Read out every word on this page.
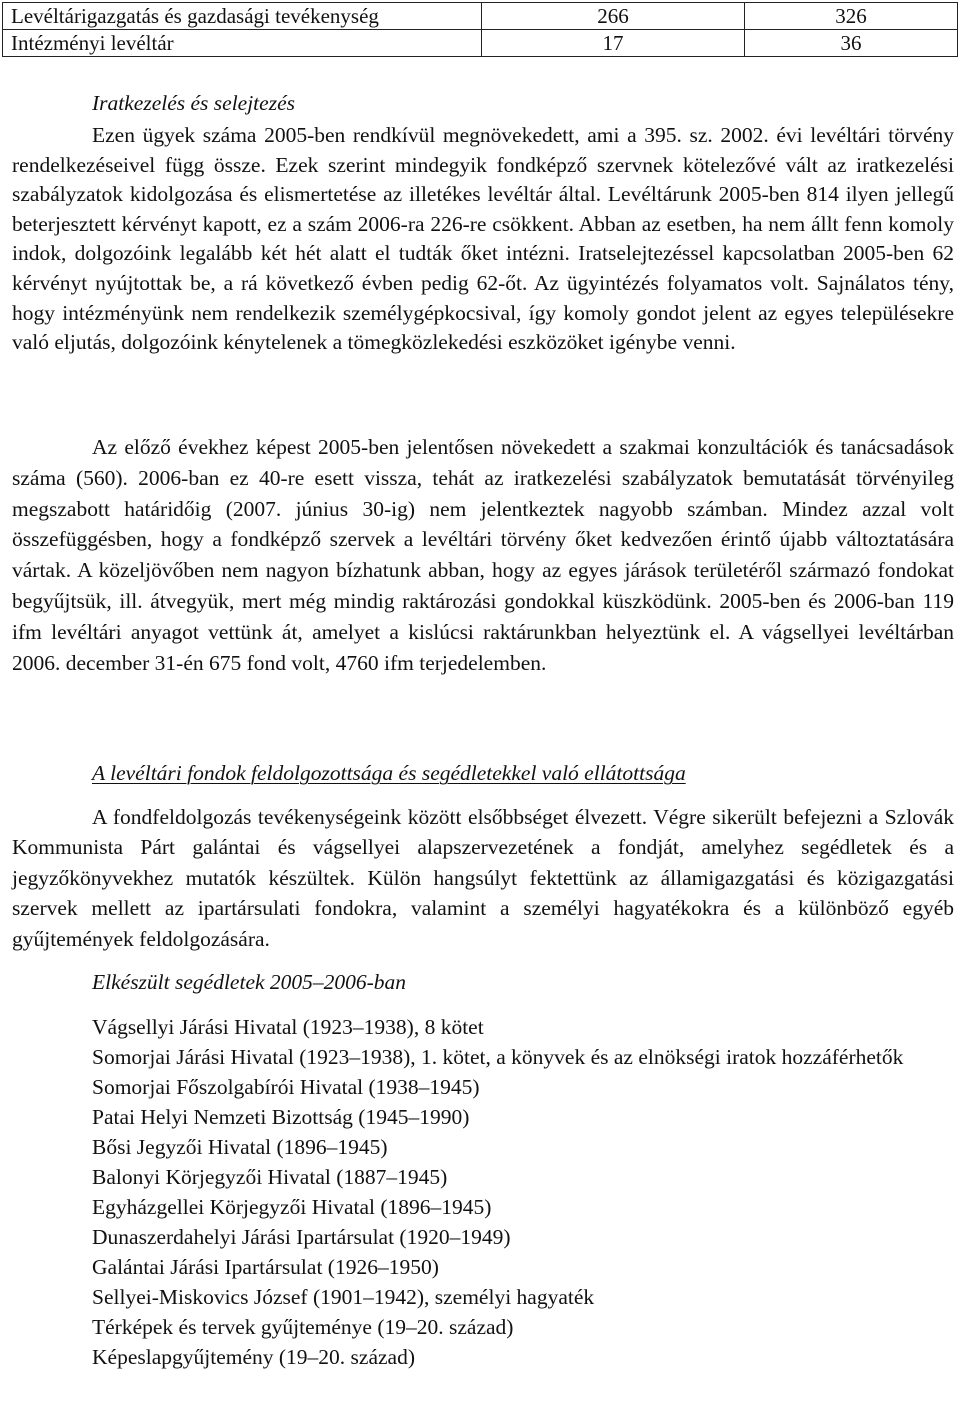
Levéltárigazgatás és gazdasági tevékenység	266	326
Intézményi levéltár	17	36
Iratkezelés és selejtezés

Ezen ügyek száma 2005-ben rendkívül megnövekedett, ami a 395. sz. 2002. évi levéltári törvény rendelkezéseivel függ össze. Ezek szerint mindegyik fondképző szervnek kötelezővé vált az iratkezelési szabályzatok kidolgozása és elismertetése az illetékes levéltár által. Levéltárunk 2005-ben 814 ilyen jellegű beterjesztett kérvényt kapott, ez a szám 2006-ra 226-re csökkent. Abban az esetben, ha nem állt fenn komoly indok, dolgozóink legalább két hét alatt el tudták őket intézni. Iratselejtezéssel kapcsolatban 2005-ben 62 kérvényt nyújtottak be, a rá következő évben pedig 62-őt. Az ügyintézés folyamatos volt. Sajnálatos tény, hogy intézményünk nem rendelkezik személygépkocsival, így komoly gondot jelent az egyes településekre való eljutás, dolgozóink kénytelenek a tömegközlekedési eszközöket igénybe venni.

Az előző évekhez képest 2005-ben jelentősen növekedett a szakmai konzultációk és tanácsadások száma (560). 2006-ban ez 40-re esett vissza, tehát az iratkezelési szabályzatok bemutatását törvényileg megszabott határidőig (2007. június 30-ig) nem jelentkeztek nagyobb számban. Mindez azzal volt összefüggésben, hogy a fondképző szervek a levéltári törvény őket kedvezően érintő újabb változtatására vártak. A közeljövőben nem nagyon bízhatunk abban, hogy az egyes járások területéről származó fondokat begyűjtsük, ill. átvegyük, mert még mindig raktározási gondokkal küszködünk. 2005-ben és 2006-ban 119 ifm levéltári anyagot vettünk át, amelyet a kislúcsi raktárunkban helyeztünk el. A vágsellyei levéltárban 2006. december 31-én 675 fond volt, 4760 ifm terjedelemben.

A levéltári fondok feldolgozottsága és segédletekkel való ellátottsága

A fondfeldolgozás tevékenységeink között elsőbbséget élvezett. Végre sikerült befejezni a Szlovák Kommunista Párt galántai és vágsellyei alapszervezetének a fondját, amelyhez segédletek és a jegyzőkönyvekhez mutatók készültek. Külön hangsúlyt fektettünk az államigazgatási és közigazgatási szervek mellett az ipartársulati fondokra, valamint a személyi hagyatékokra és a különböző egyéb gyűjtemények feldolgozására.

Elkészült segédletek 2005–2006-ban
Vágsellyi Járási Hivatal (1923–1938), 8 kötet
Somorjai Járási Hivatal (1923–1938), 1. kötet, a könyvek és az elnökségi iratok hozzáférhetők
Somorjai Főszolgabírói Hivatal (1938–1945)
Patai Helyi Nemzeti Bizottság (1945–1990)
Bősi Jegyzői Hivatal (1896–1945)
Balonyi Körjegyzői Hivatal (1887–1945)
Egyházgellei Körjegyzői Hivatal (1896–1945)
Dunaszerdahelyi Járási Ipartársulat (1920–1949)
Galántai Járási Ipartársulat (1926–1950)
Sellyei-Miskovics József (1901–1942), személyi hagyaték
Térképek és tervek gyűjteménye (19–20. század)
Képeslapgyűjtemény (19–20. század)
